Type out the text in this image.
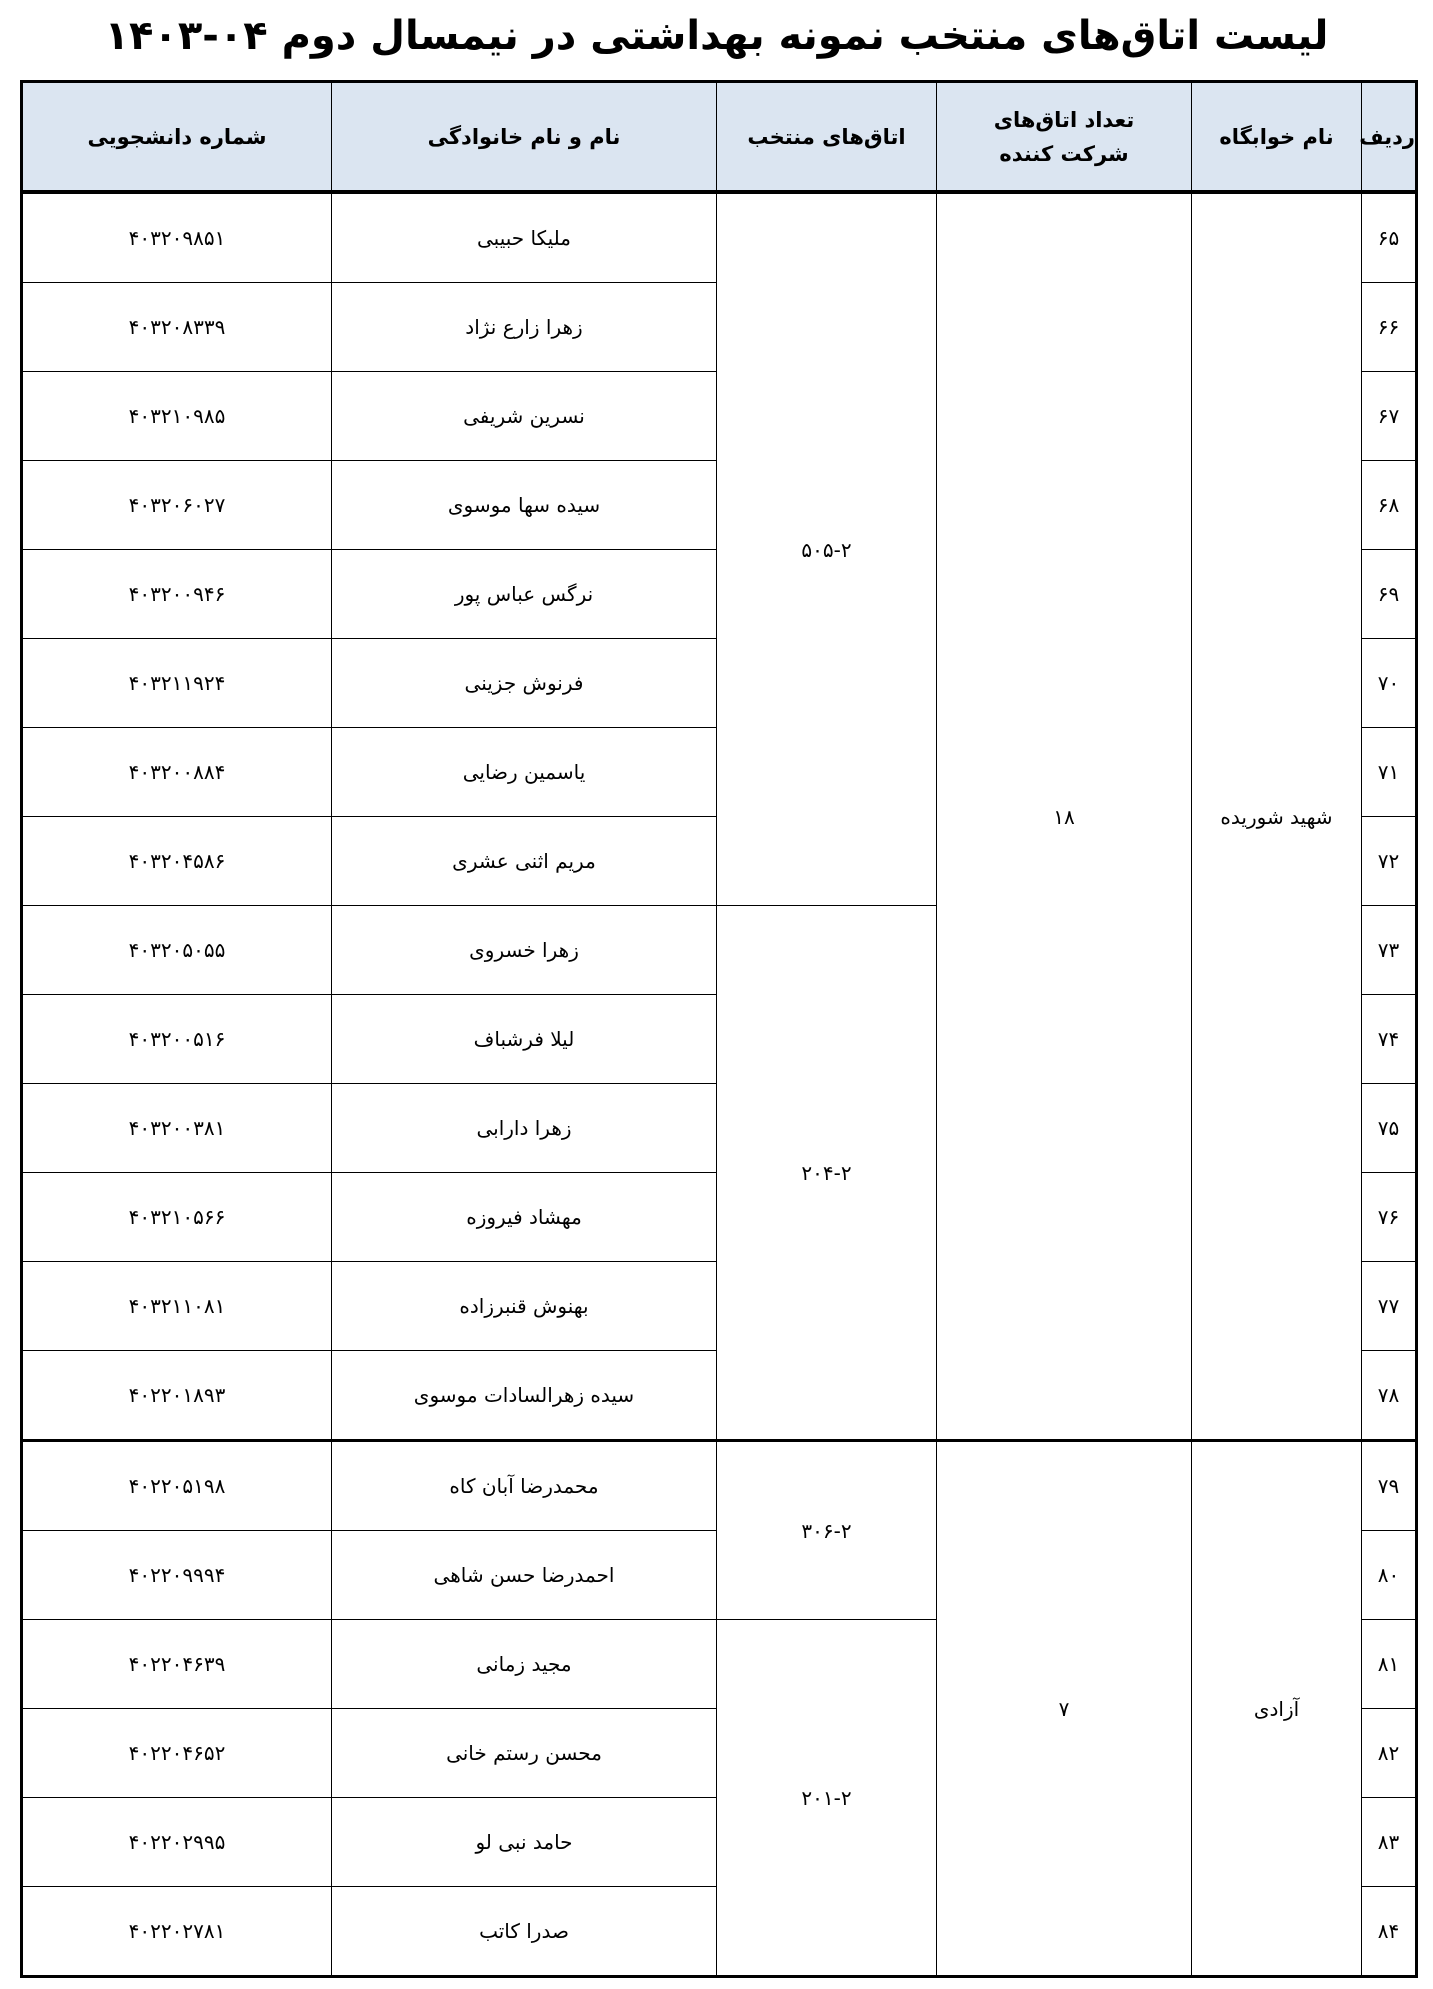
لیست اتاق‌های منتخب نمونه بهداشتی در نیمسال دوم ۰۴-۱۴۰۳
ردیف	نام خوابگاه	تعداد اتاق‌های شرکت کننده	اتاق‌های منتخب	نام و نام خانوادگی	شماره دانشجویی
۶۵	شهید شوریده	۱۸	۵۰۵-۲	ملیکا حبیبی	۴۰۳۲۰۹۸۵۱
۶۶				زهرا زارع نژاد	۴۰۳۲۰۸۳۳۹
۶۷				نسرین شریفی	۴۰۳۲۱۰۹۸۵
۶۸				سیده سها موسوی	۴۰۳۲۰۶۰۲۷
۶۹				نرگس عباس پور	۴۰۳۲۰۰۹۴۶
۷۰				فرنوش جزینی	۴۰۳۲۱۱۹۲۴
۷۱				یاسمین رضایی	۴۰۳۲۰۰۸۸۴
۷۲				مریم اثنی عشری	۴۰۳۲۰۴۵۸۶
۷۳			۲۰۴-۲	زهرا خسروی	۴۰۳۲۰۵۰۵۵
۷۴				لیلا فرشباف	۴۰۳۲۰۰۵۱۶
۷۵				زهرا دارابی	۴۰۳۲۰۰۳۸۱
۷۶				مهشاد فیروزه	۴۰۳۲۱۰۵۶۶
۷۷				بهنوش قنبرزاده	۴۰۳۲۱۱۰۸۱
۷۸				سیده زهرالسادات موسوی	۴۰۲۲۰۱۸۹۳
۷۹	آزادی	۷	۳۰۶-۲	محمدرضا آبان کاه	۴۰۲۲۰۵۱۹۸
۸۰				احمدرضا حسن شاهی	۴۰۲۲۰۹۹۹۴
۸۱			۲۰۱-۲	مجید زمانی	۴۰۲۲۰۴۶۳۹
۸۲				محسن رستم خانی	۴۰۲۲۰۴۶۵۲
۸۳				حامد نبی لو	۴۰۲۲۰۲۹۹۵
۸۴				صدرا کاتب	۴۰۲۲۰۲۷۸۱
